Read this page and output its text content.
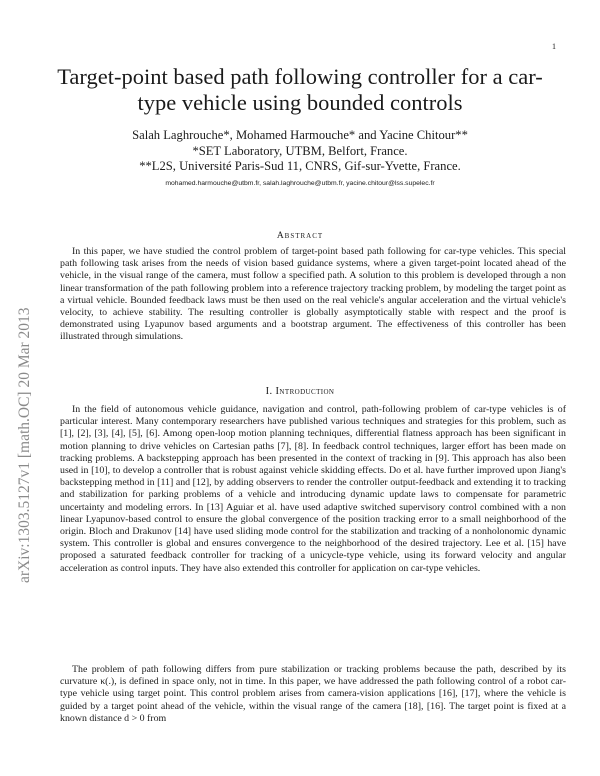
1
arXiv:1303.5127v1 [math.OC] 20 Mar 2013
Target-point based path following controller for a car-type vehicle using bounded controls
Salah Laghrouche*, Mohamed Harmouche* and Yacine Chitour**
*SET Laboratory, UTBM, Belfort, France.
**L2S, Université Paris-Sud 11, CNRS, Gif-sur-Yvette, France.
mohamed.harmouche@utbm.fr, salah.laghrouche@utbm.fr, yacine.chitour@lss.supelec.fr
Abstract

In this paper, we have studied the control problem of target-point based path following for car-type vehicles. This special path following task arises from the needs of vision based guidance systems, where a given target-point located ahead of the vehicle, in the visual range of the camera, must follow a specified path. A solution to this problem is developed through a non linear transformation of the path following problem into a reference trajectory tracking problem, by modeling the target point as a virtual vehicle. Bounded feedback laws must be then used on the real vehicle's angular acceleration and the virtual vehicle's velocity, to achieve stability. The resulting controller is globally asymptotically stable with respect and the proof is demonstrated using Lyapunov based arguments and a bootstrap argument. The effectiveness of this controller has been illustrated through simulations.

I. Introduction

In the field of autonomous vehicle guidance, navigation and control, path-following problem of car-type vehicles is of particular interest. Many contemporary researchers have published various techniques and strategies for this problem, such as [1], [2], [3], [4], [5], [6]. Among open-loop motion planning techniques, differential flatness approach has been significant in motion planning to drive vehicles on Cartesian paths [7], [8]. In feedback control techniques, larger effort has been made on tracking problems. A backstepping approach has been presented in the context of tracking in [9]. This approach has also been used in [10], to develop a controller that is robust against vehicle skidding effects. Do et al. have further improved upon Jiang's backstepping method in [11] and [12], by adding observers to render the controller output-feedback and extending it to tracking and stabilization for parking problems of a vehicle and introducing dynamic update laws to compensate for parametric uncertainty and modeling errors. In [13] Aguiar et al. have used adaptive switched supervisory control combined with a non linear Lyapunov-based control to ensure the global convergence of the position tracking error to a small neighborhood of the origin. Bloch and Drakunov [14] have used sliding mode control for the stabilization and tracking of a nonholonomic dynamic system. This controller is global and ensures convergence to the neighborhood of the desired trajectory. Lee et al. [15] have proposed a saturated feedback controller for tracking of a unicycle-type vehicle, using its forward velocity and angular acceleration as control inputs. They have also extended this controller for application on car-type vehicles.

The problem of path following differs from pure stabilization or tracking problems because the path, described by its curvature κ(.), is defined in space only, not in time. In this paper, we have addressed the path following control of a robot car-type vehicle using target point. This control problem arises from camera-vision applications [16], [17], where the vehicle is guided by a target point ahead of the vehicle, within the visual range of the camera [18], [16]. The target point is fixed at a known distance d > 0 from
